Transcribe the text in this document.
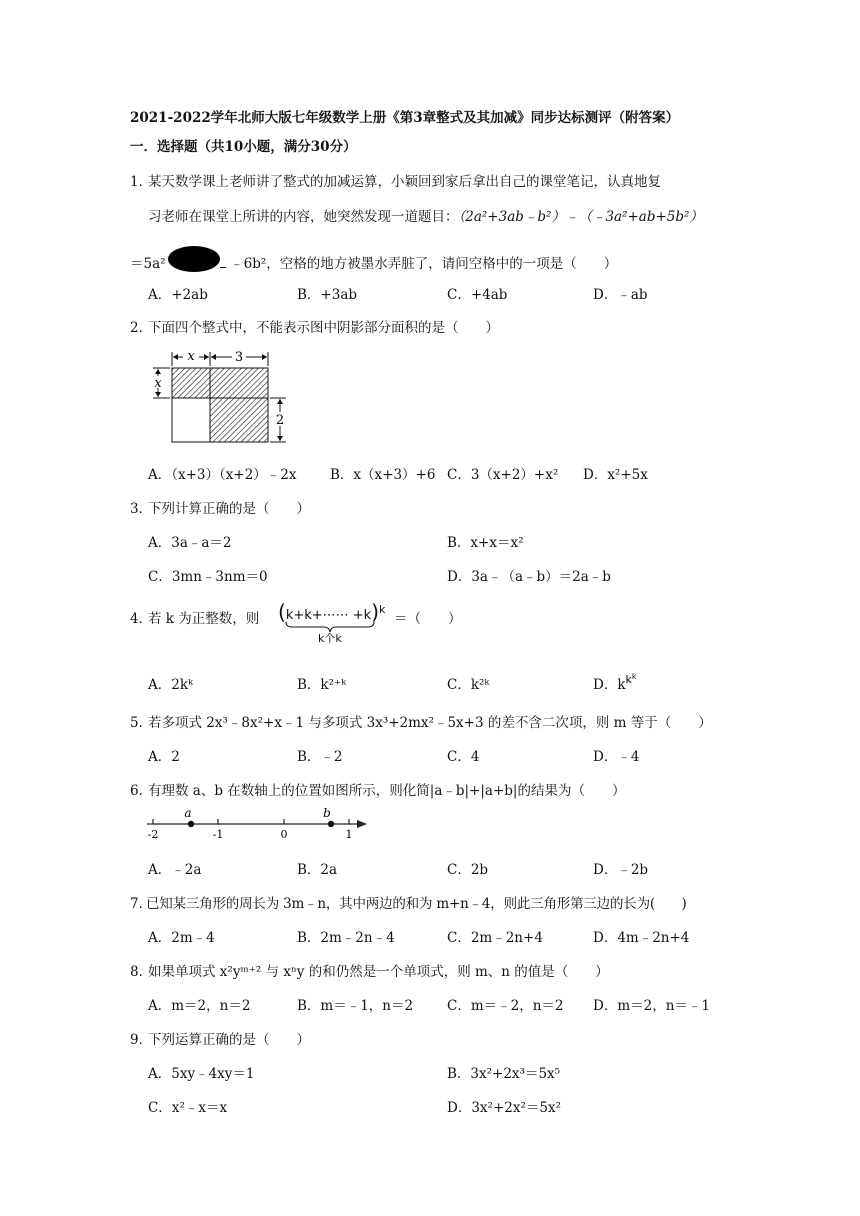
2021-2022学年北师大版七年级数学上册《第3章整式及其加减》同步达标测评（附答案）
一．选择题（共10小题，满分30分）
1．
某天数学课上老师讲了整式的加减运算，小颖回到家后拿出自己的课堂笔记，认真地复
习老师在课堂上所讲的内容，她突然发现一道题目：（2a²+3ab﹣b²）﹣（﹣3a²+ab+5b²）
＝5a²	﹣6b²，空格的地方被墨水弄脏了，请问空格中的一项是（　　）
A．+2ab	B．+3ab	C．+4ab	D．﹣ab
2．
下面四个整式中，不能表示图中阴影部分面积的是（　　）
x	3
x
2
A．（x+3）（x+2）﹣2x B．x（x+3）+6 C．3（x+2）+x² D．x²+5x
3．
下列计算正确的是（　　）
A．3a﹣a＝2	B．x+x＝x²
C．3mn﹣3nm＝0	D．3a﹣（a﹣b）＝2a﹣b
4．
若 k 为正整数，则 (k+k+⋯⋯ +k)$^k$
k个k
＝（　　）
A．2kᵏ	B．k²⁺ᵏ	C．k²ᵏ	D．$k^{k^k}$
5．
若多项式 2x³﹣8x²+x﹣1 与多项式 3x³+2mx²﹣5x+3 的差不含二次项，则 m 等于（　　）
A．2	B．﹣2	C．4	D．﹣4
6．
有理数 a、b 在数轴上的位置如图所示，则化简|a﹣b|+|a+b|的结果为（　　）
-2	-1	0	1
a	b
A．﹣2a	B．2a	C．2b	D．﹣2b
7．
已知某三角形的周长为 3m﹣n，其中两边的和为 m+n﹣4，则此三角形第三边的长为(　　)
A．2m﹣4	B．2m﹣2n﹣4	C．2m﹣2n+4	D．4m﹣2n+4
8．
如果单项式 x²yᵐ⁺² 与 xⁿy 的和仍然是一个单项式，则 m、n 的值是（　　）
A．m＝2，n＝2	B．m＝﹣1，n＝2	C．m＝﹣2，n＝2 D．m＝2，n＝﹣1
9．
下列运算正确的是（　　）
A．5xy﹣4xy＝1	B．3x²+2x³＝5x⁵
C．x²﹣x＝x	D．3x²+2x²＝5x²
